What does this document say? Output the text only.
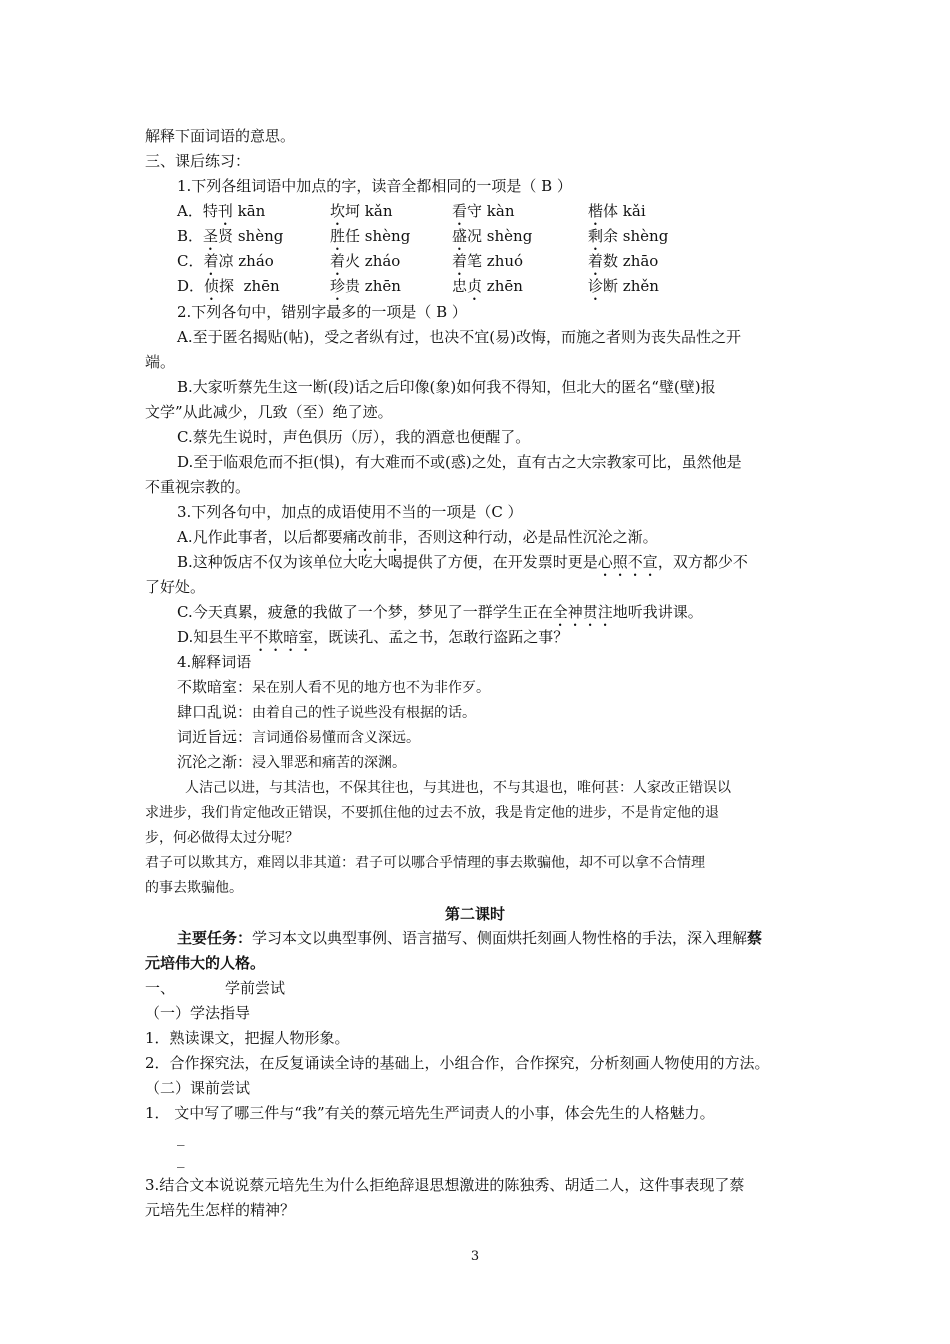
解释下面词语的意思。
三、课后练习：
1.下列各组词语中加点的字，读音全都相同的一项是（ B ）
A．特刊 kān	坎坷 kǎn	看守 kàn	楷体 kǎi
B．圣贤 shèng	胜任 shèng	盛况 shèng	剩余 shèng
C．着凉 zháo	着火 zháo	着笔 zhuó	着数 zhāo
D．侦探  zhēn	珍贵 zhēn	忠贞 zhēn	诊断 zhěn
2.下列各句中，错别字最多的一项是（ B ）
A.至于匿名揭贴(帖)，受之者纵有过，也决不宜(易)改悔，而施之者则为丧失品性之开
端。
B.大家听蔡先生这一断(段)话之后印像(象)如何我不得知，但北大的匿名“璧(壁)报
文学”从此减少，几致（至）绝了迹。
C.蔡先生说时，声色俱历（厉），我的酒意也便醒了。
D.至于临艰危而不拒(惧)，有大难而不或(惑)之处，直有古之大宗教家可比，虽然他是
不重视宗教的。
3.下列各句中，加点的成语使用不当的一项是（C ）
A.凡作此事者，以后都要痛改前非，否则这种行动，必是品性沉沦之渐。
B.这种饭店不仅为该单位大吃大喝提供了方便，在开发票时更是心照不宣，双方都少不
了好处。
C.今天真累，疲惫的我做了一个梦，梦见了一群学生正在全神贯注地听我讲课。
D.知县生平不欺暗室，既读孔、孟之书，怎敢行盗跖之事？
4.解释词语
不欺暗室：呆在别人看不见的地方也不为非作歹。
肆口乱说：由着自己的性子说些没有根据的话。
词近旨远：言词通俗易懂而含义深远。
沉沦之渐：浸入罪恶和痛苦的深渊。
人洁己以进，与其洁也，不保其往也，与其进也，不与其退也，唯何甚：人家改正错误以
求进步，我们肯定他改正错误，不要抓住他的过去不放，我是肯定他的进步，不是肯定他的退
步，何必做得太过分呢？
君子可以欺其方，难罔以非其道：君子可以哪合乎情理的事去欺骗他，却不可以拿不合情理
的事去欺骗他。
第二课时
主要任务：学习本文以典型事例、语言描写、侧面烘托刻画人物性格的手法，深入理解蔡
元培伟大的人格。
一、	学前尝试
（一）学法指导
1．熟读课文，把握人物形象。
2．合作探究法，在反复诵读全诗的基础上，小组合作，合作探究，分析刻画人物使用的方法。
（二）课前尝试
1． 文中写了哪三件与“我”有关的蔡元培先生严词责人的小事，体会先生的人格魅力。
_
_
3.结合文本说说蔡元培先生为什么拒绝辞退思想激进的陈独秀、胡适二人，这件事表现了蔡
元培先生怎样的精神？
3
